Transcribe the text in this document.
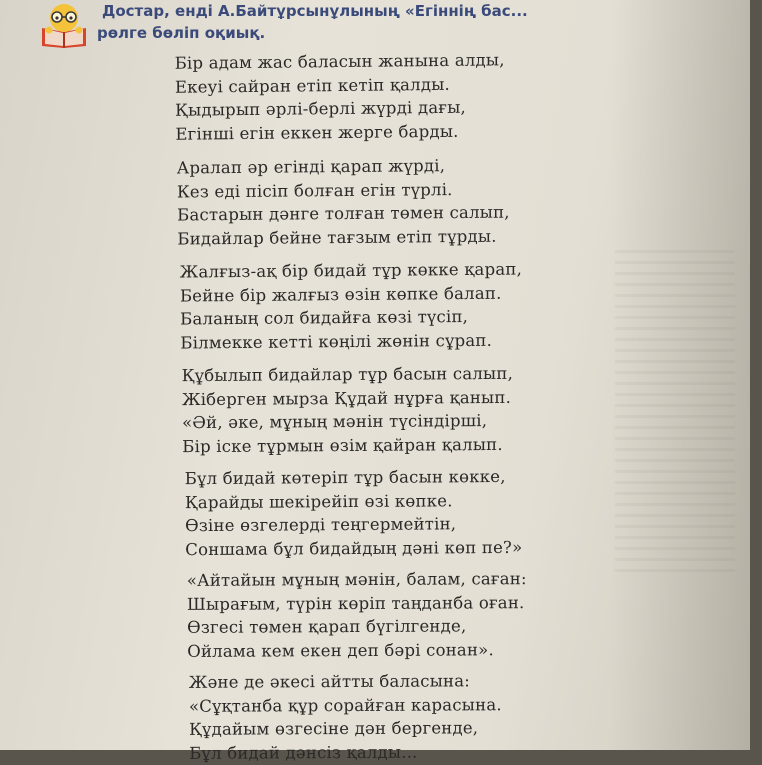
Достар, енді А.Байтұрсынұлының «Егіннің бас...
рөлге бөліп оқиық.
Бір адам жас баласын жанына алды,
Екеуі сайран етіп кетіп қалды.
Қыдырып әрлі-берлі жүрді дағы,
Егінші егін еккен жерге барды.
Аралап әр егінді қарап жүрді,
Кез еді пісіп болған егін түрлі.
Бастарын дәнге толған төмен салып,
Бидайлар бейне тағзым етіп тұрды.
Жалғыз-ақ бір бидай тұр көкке қарап,
Бейне бір жалғыз өзін көпке балап.
Баланың сол бидайға көзі түсіп,
Білмекке кетті көңілі жөнін сұрап.
Құбылып бидайлар тұр басын салып,
Жіберген мырза Құдай нұрға қанып.
«Әй, әке, мұның мәнін түсіндірші,
Бір іске тұрмын өзім қайран қалып.
Бұл бидай көтеріп тұр басын көкке,
Қарайды шекірейіп өзі көпке.
Өзіне өзгелерді теңгермейтін,
Соншама бұл бидайдың дәні көп пе?»
«Айтайын мұның мәнін, балам, саған:
Шырағым, түрін көріп таңданба оған.
Өзгесі төмен қарап бүгілгенде,
Ойлама кем екен деп бәрі сонан».
Және де әкесі айтты баласына:
«Сұқтанба құр сорайған карасына.
Құдайым өзгесіне дән бергенде,
Бұл бидай дәнсіз қалды...
